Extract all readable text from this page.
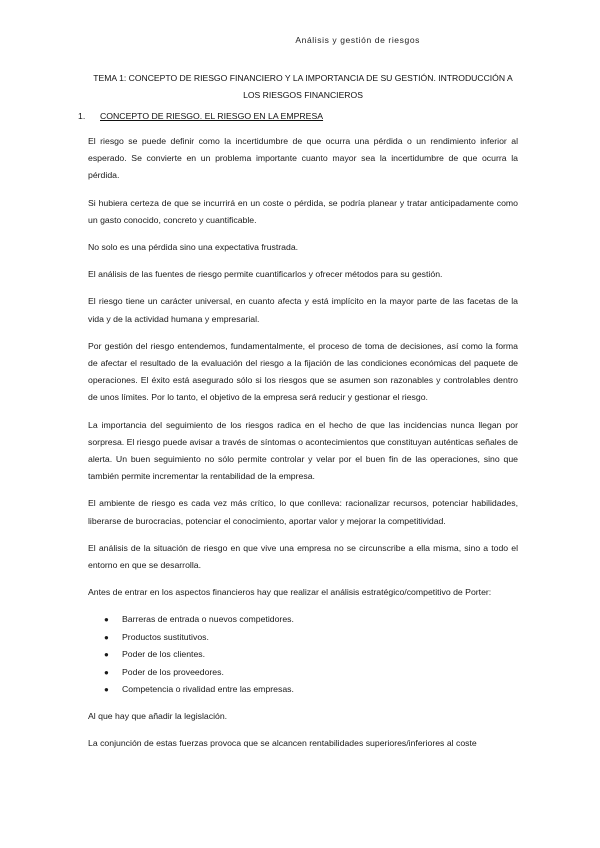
Análisis y gestión de riesgos
TEMA 1: CONCEPTO DE RIESGO FINANCIERO Y LA IMPORTANCIA DE SU GESTIÓN. INTRODUCCIÓN A LOS RIESGOS FINANCIEROS
1. CONCEPTO DE RIESGO. EL RIESGO EN LA EMPRESA

El riesgo se puede definir como la incertidumbre de que ocurra una pérdida o un rendimiento inferior al esperado. Se convierte en un problema importante cuanto mayor sea la incertidumbre de que ocurra la pérdida.

Si hubiera certeza de que se incurrirá en un coste o pérdida, se podría planear y tratar anticipadamente como un gasto conocido, concreto y cuantificable.

No solo es una pérdida sino una expectativa frustrada.

El análisis de las fuentes de riesgo permite cuantificarlos y ofrecer métodos para su gestión.

El riesgo tiene un carácter universal, en cuanto afecta y está implícito en la mayor parte de las facetas de la vida y de la actividad humana y empresarial.

Por gestión del riesgo entendemos, fundamentalmente, el proceso de toma de decisiones, así como la forma de afectar el resultado de la evaluación del riesgo a la fijación de las condiciones económicas del paquete de operaciones. El éxito está asegurado sólo si los riesgos que se asumen son razonables y controlables dentro de unos límites. Por lo tanto, el objetivo de la empresa será reducir y gestionar el riesgo.

La importancia del seguimiento de los riesgos radica en el hecho de que las incidencias nunca llegan por sorpresa. El riesgo puede avisar a través de síntomas o acontecimientos que constituyan auténticas señales de alerta. Un buen seguimiento no sólo permite controlar y velar por el buen fin de las operaciones, sino que también permite incrementar la rentabilidad de la empresa.

El ambiente de riesgo es cada vez más crítico, lo que conlleva: racionalizar recursos, potenciar habilidades, liberarse de burocracias, potenciar el conocimiento, aportar valor y mejorar la competitividad.

El análisis de la situación de riesgo en que vive una empresa no se circunscribe a ella misma, sino a todo el entorno en que se desarrolla.

Antes de entrar en los aspectos financieros hay que realizar el análisis estratégico/competitivo de Porter:

● Barreras de entrada o nuevos competidores.
● Productos sustitutivos.
● Poder de los clientes.
● Poder de los proveedores.
● Competencia o rivalidad entre las empresas.

Al que hay que añadir la legislación.

La conjunción de estas fuerzas provoca que se alcancen rentabilidades superiores/inferiores al coste
